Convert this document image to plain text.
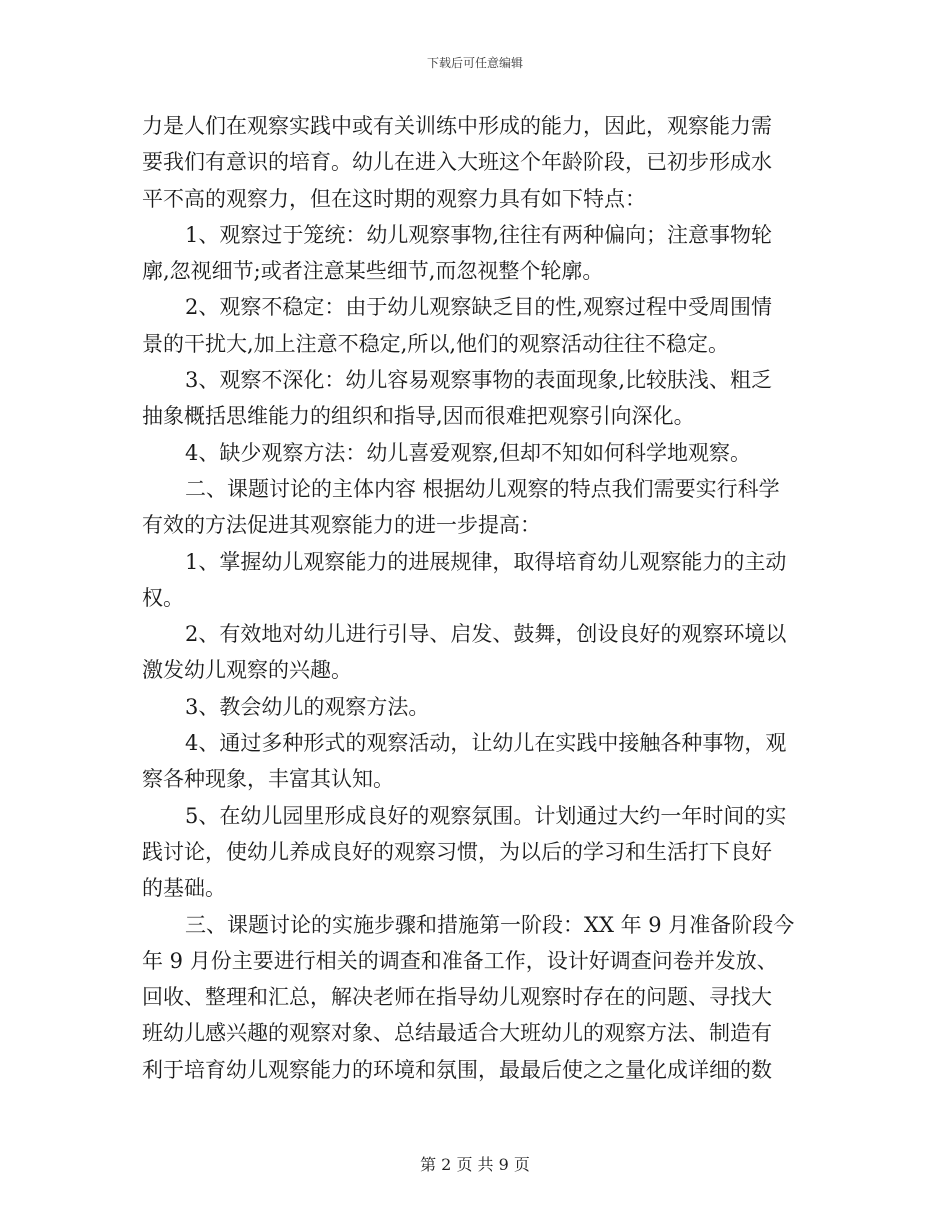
下载后可任意编辑
力是人们在观察实践中或有关训练中形成的能力，因此，观察能力需
要我们有意识的培育。幼儿在进入大班这个年龄阶段，已初步形成水
平不高的观察力，但在这时期的观察力具有如下特点：
1、观察过于笼统：幼儿观察事物,往往有两种偏向；注意事物轮
廓,忽视细节;或者注意某些细节,而忽视整个轮廓。
2、观察不稳定：由于幼儿观察缺乏目的性,观察过程中受周围情
景的干扰大,加上注意不稳定,所以,他们的观察活动往往不稳定。
3、观察不深化：幼儿容易观察事物的表面现象,比较肤浅、粗乏
抽象概括思维能力的组织和指导,因而很难把观察引向深化。
4、缺少观察方法：幼儿喜爱观察,但却不知如何科学地观察。
二、课题讨论的主体内容 根据幼儿观察的特点我们需要实行科学
有效的方法促进其观察能力的进一步提高：
1、掌握幼儿观察能力的进展规律，取得培育幼儿观察能力的主动
权。
2、有效地对幼儿进行引导、启发、鼓舞，创设良好的观察环境以
激发幼儿观察的兴趣。
3、教会幼儿的观察方法。
4、通过多种形式的观察活动，让幼儿在实践中接触各种事物，观
察各种现象，丰富其认知。
5、在幼儿园里形成良好的观察氛围。计划通过大约一年时间的实
践讨论，使幼儿养成良好的观察习惯，为以后的学习和生活打下良好
的基础。
三、课题讨论的实施步骤和措施第一阶段：XX 年 9 月准备阶段今
年 9 月份主要进行相关的调查和准备工作，设计好调查问卷并发放、
回收、整理和汇总，解决老师在指导幼儿观察时存在的问题、寻找大
班幼儿感兴趣的观察对象、总结最适合大班幼儿的观察方法、制造有
利于培育幼儿观察能力的环境和氛围，最最后使之之量化成详细的数
第 2 页 共 9 页
